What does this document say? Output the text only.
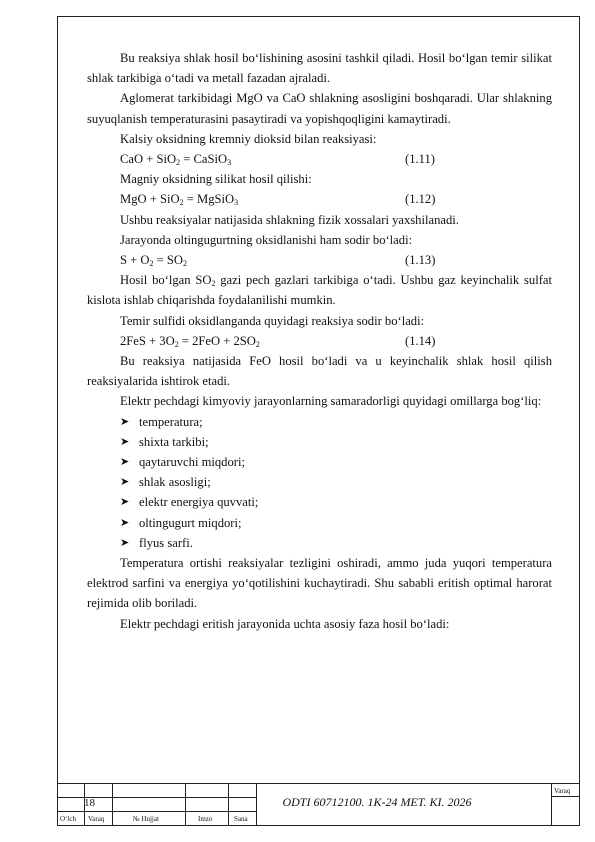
Bu reaksiya shlak hosil bo‘lishining asosini tashkil qiladi. Hosil bo‘lgan temir silikat shlak tarkibiga o‘tadi va metall fazadan ajraladi.

Aglomerat tarkibidagi MgO va CaO shlakning asosligini boshqaradi. Ular shlakning suyuqlanish temperaturasini pasaytiradi va yopishqoqligini kamaytiradi.

Kalsiy oksidning kremniy dioksid bilan reaksiyasi:

CaO + SiO$_2$ = CaSiO$_3$	(1.11)

Magniy oksidning silikat hosil qilishi:

MgO + SiO$_2$ = MgSiO$_3$	(1.12)

Ushbu reaksiyalar natijasida shlakning fizik xossalari yaxshilanadi.

Jarayonda oltingugurtning oksidlanishi ham sodir bo‘ladi:

$S + O_2 = SO_2$	(1.13)

Hosil bo‘lgan $SO_2$ gazi pech gazlari tarkibiga o‘tadi. Ushbu gaz keyinchalik sulfat kislota ishlab chiqarishda foydalanilishi mumkin.

Temir sulfidi oksidlanganda quyidagi reaksiya sodir bo‘ladi:

$2FeS + 3O_2 = 2FeO + 2SO_2$	(1.14)

Bu reaksiya natijasida FeO hosil bo‘ladi va u keyinchalik shlak hosil qilish reaksiyalarida ishtirok etadi.

Elektr pechdagi kimyoviy jarayonlarning samaradorligi quyidagi omillarga bog‘liq:

➤ temperatura;
➤ shixta tarkibi;
➤ qaytaruvchi miqdori;
➤ shlak asosligi;
➤ elektr energiya quvvati;
➤ oltingugurt miqdori;
➤ flyus sarfi.

Temperatura ortishi reaksiyalar tezligini oshiradi, ammo juda yuqori temperatura elektrod sarfini va energiya yo‘qotilishini kuchaytiradi. Shu sababli eritish optimal harorat rejimida olib boriladi.

Elektr pechdagi eritish jarayonida uchta asosiy faza hosil bo‘ladi:

18	ODTI 60712100. 1K-24 MET. KI. 2026
Varaq
O‘lch Varaq	№ Hujjat	Imzo	Sana
